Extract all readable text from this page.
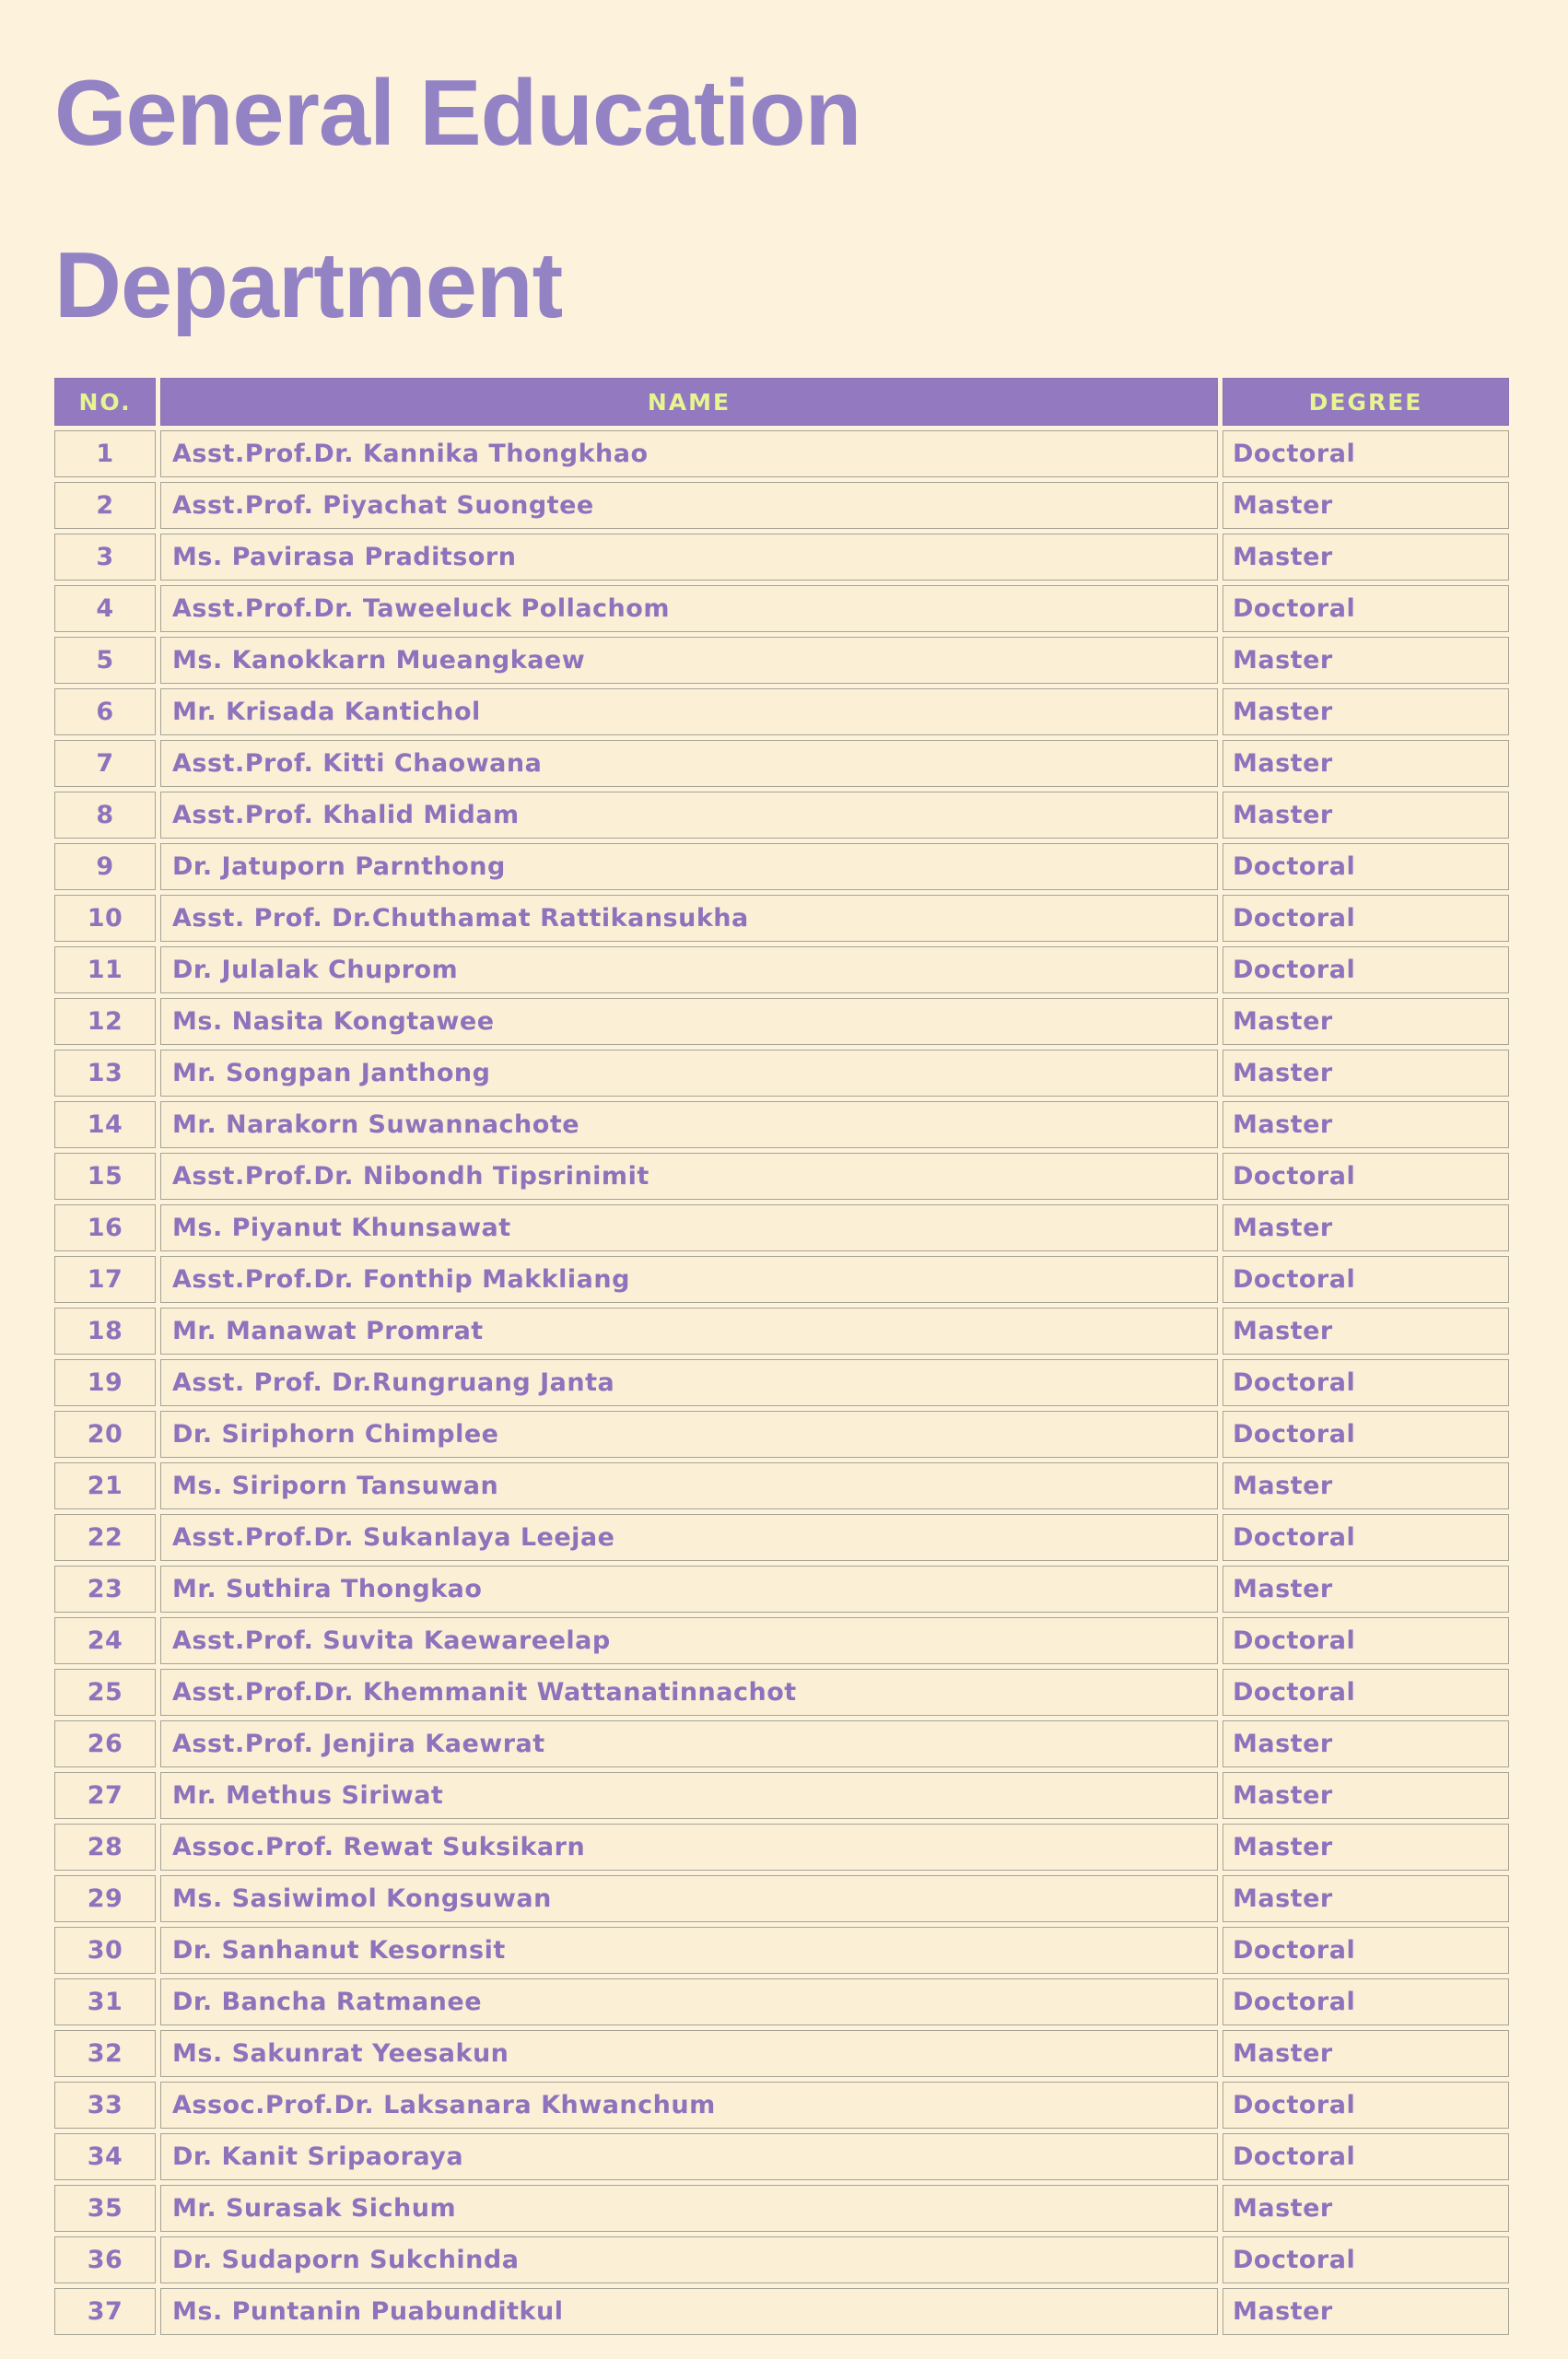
General Education
Department
NO.	NAME	DEGREE
1	Asst.Prof.Dr. Kannika Thongkhao	Doctoral
2	Asst.Prof. Piyachat Suongtee	Master
3	Ms. Pavirasa Praditsorn	Master
4	Asst.Prof.Dr. Taweeluck Pollachom	Doctoral
5	Ms. Kanokkarn Mueangkaew	Master
6	Mr. Krisada Kantichol	Master
7	Asst.Prof. Kitti Chaowana	Master
8	Asst.Prof. Khalid Midam	Master
9	Dr. Jatuporn Parnthong	Doctoral
10	Asst. Prof. Dr.Chuthamat Rattikansukha	Doctoral
11	Dr. Julalak Chuprom	Doctoral
12	Ms. Nasita Kongtawee	Master
13	Mr. Songpan Janthong	Master
14	Mr. Narakorn Suwannachote	Master
15	Asst.Prof.Dr. Nibondh Tipsrinimit	Doctoral
16	Ms. Piyanut Khunsawat	Master
17	Asst.Prof.Dr. Fonthip Makkliang	Doctoral
18	Mr. Manawat Promrat	Master
19	Asst. Prof. Dr.Rungruang Janta	Doctoral
20	Dr. Siriphorn Chimplee	Doctoral
21	Ms. Siriporn Tansuwan	Master
22	Asst.Prof.Dr. Sukanlaya Leejae	Doctoral
23	Mr. Suthira Thongkao	Master
24	Asst.Prof. Suvita Kaewareelap	Doctoral
25	Asst.Prof.Dr. Khemmanit Wattanatinnachot	Doctoral
26	Asst.Prof. Jenjira Kaewrat	Master
27	Mr. Methus Siriwat	Master
28	Assoc.Prof. Rewat Suksikarn	Master
29	Ms. Sasiwimol Kongsuwan	Master
30	Dr. Sanhanut Kesornsit	Doctoral
31	Dr. Bancha Ratmanee	Doctoral
32	Ms. Sakunrat Yeesakun	Master
33	Assoc.Prof.Dr. Laksanara Khwanchum	Doctoral
34	Dr. Kanit Sripaoraya	Doctoral
35	Mr. Surasak Sichum	Master
36	Dr. Sudaporn Sukchinda	Doctoral
37	Ms. Puntanin Puabunditkul	Master
